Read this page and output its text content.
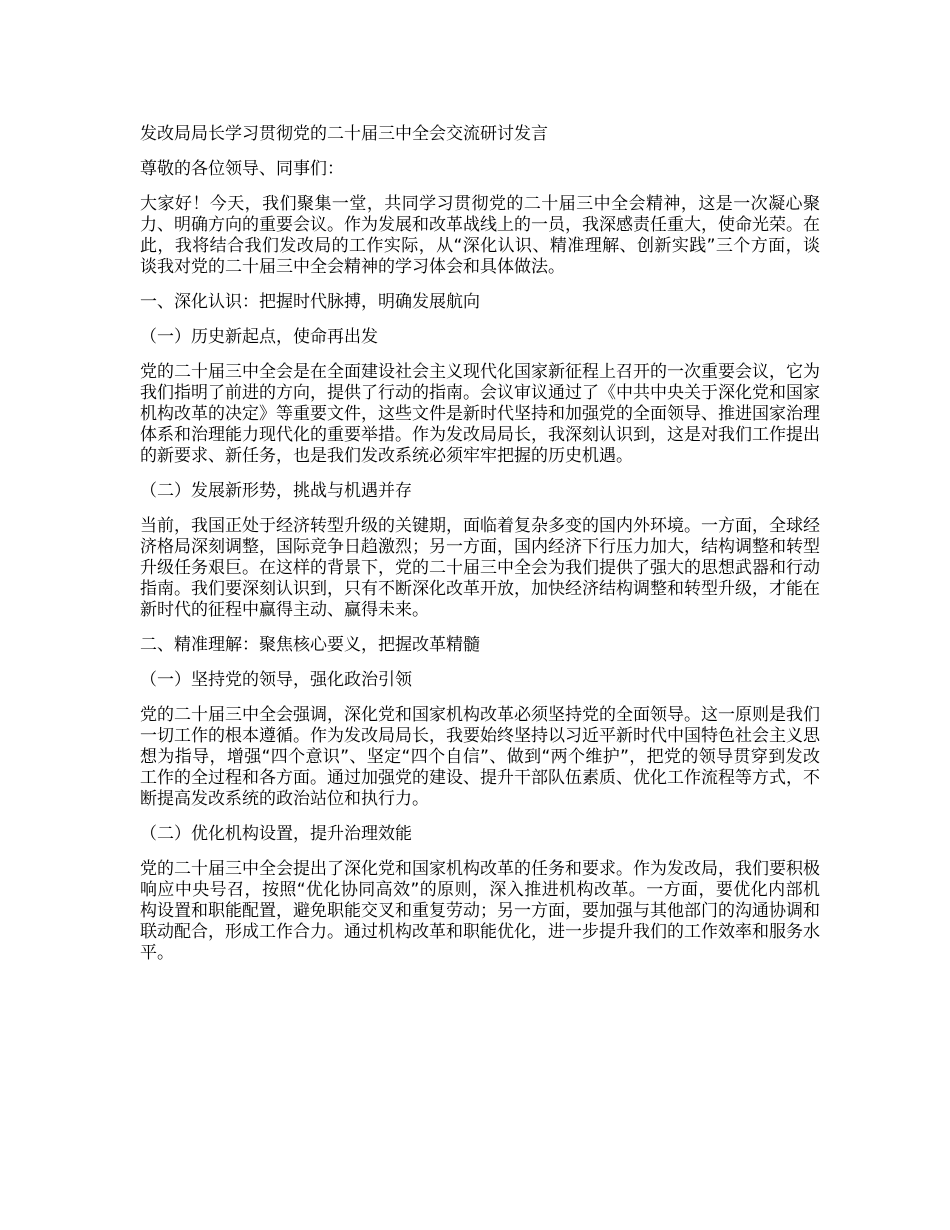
发改局局长学习贯彻党的二十届三中全会交流研讨发言

尊敬的各位领导、同事们：

大家好！今天，我们聚集一堂，共同学习贯彻党的二十届三中全会精神，这是一次凝心聚力、明确方向的重要会议。作为发展和改革战线上的一员，我深感责任重大，使命光荣。在此，我将结合我们发改局的工作实际，从“深化认识、精准理解、创新实践”三个方面，谈谈我对党的二十届三中全会精神的学习体会和具体做法。

一、深化认识：把握时代脉搏，明确发展航向

（一）历史新起点，使命再出发

党的二十届三中全会是在全面建设社会主义现代化国家新征程上召开的一次重要会议，它为我们指明了前进的方向，提供了行动的指南。会议审议通过了《中共中央关于深化党和国家机构改革的决定》等重要文件，这些文件是新时代坚持和加强党的全面领导、推进国家治理体系和治理能力现代化的重要举措。作为发改局局长，我深刻认识到，这是对我们工作提出的新要求、新任务，也是我们发改系统必须牢牢把握的历史机遇。

（二）发展新形势，挑战与机遇并存

当前，我国正处于经济转型升级的关键期，面临着复杂多变的国内外环境。一方面，全球经济格局深刻调整，国际竞争日趋激烈；另一方面，国内经济下行压力加大，结构调整和转型升级任务艰巨。在这样的背景下，党的二十届三中全会为我们提供了强大的思想武器和行动指南。我们要深刻认识到，只有不断深化改革开放，加快经济结构调整和转型升级，才能在新时代的征程中赢得主动、赢得未来。

二、精准理解：聚焦核心要义，把握改革精髓

（一）坚持党的领导，强化政治引领

党的二十届三中全会强调，深化党和国家机构改革必须坚持党的全面领导。这一原则是我们一切工作的根本遵循。作为发改局局长，我要始终坚持以习近平新时代中国特色社会主义思想为指导，增强“四个意识”、坚定“四个自信”、做到“两个维护”，把党的领导贯穿到发改工作的全过程和各方面。通过加强党的建设、提升干部队伍素质、优化工作流程等方式，不断提高发改系统的政治站位和执行力。

（二）优化机构设置，提升治理效能

党的二十届三中全会提出了深化党和国家机构改革的任务和要求。作为发改局，我们要积极响应中央号召，按照“优化协同高效”的原则，深入推进机构改革。一方面，要优化内部机构设置和职能配置，避免职能交叉和重复劳动；另一方面，要加强与其他部门的沟通协调和联动配合，形成工作合力。通过机构改革和职能优化，进一步提升我们的工作效率和服务水平。
